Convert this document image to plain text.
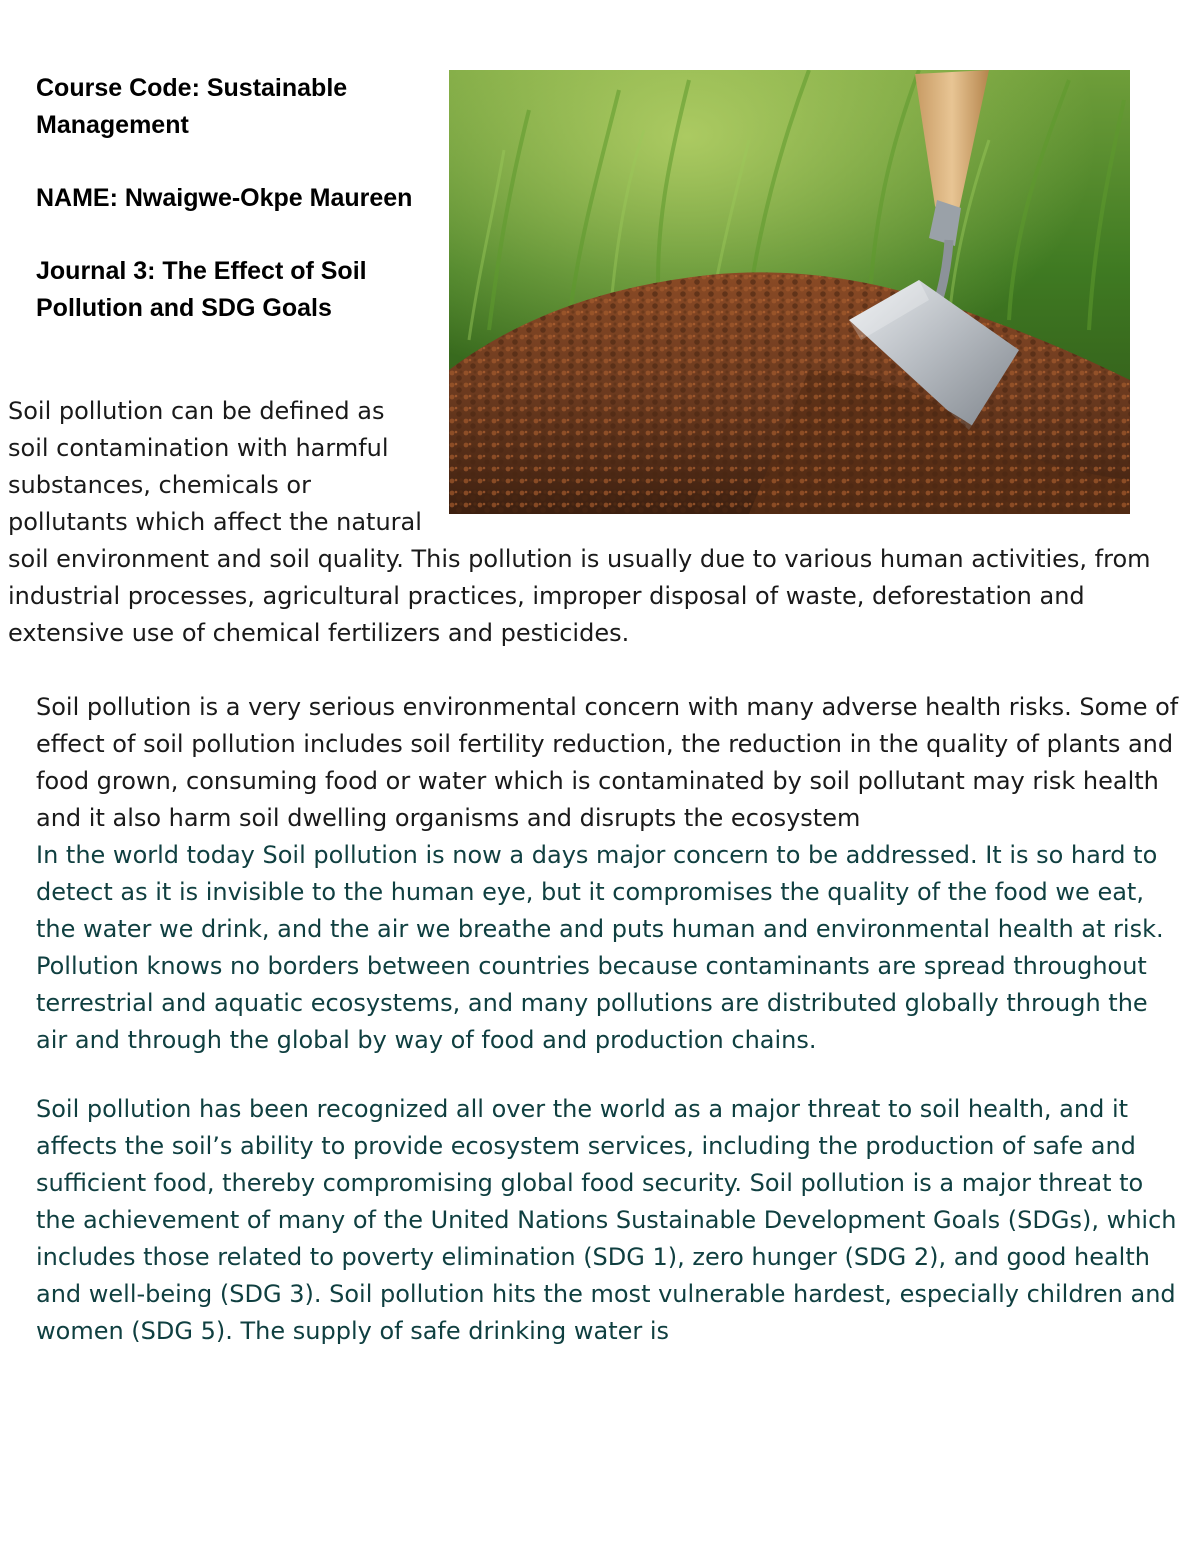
Course Code: Sustainable Management

NAME: Nwaigwe-Okpe Maureen

Journal 3: The Effect of Soil Pollution and SDG Goals

Soil pollution can be defined as soil contamination with harmful substances, chemicals or pollutants which affect the natural soil environment and soil quality. This pollution is usually due to various human activities, from industrial processes, agricultural practices, improper disposal of waste, deforestation and extensive use of chemical fertilizers and pesticides.

Soil pollution is a very serious environmental concern with many adverse health risks. Some of effect of soil pollution includes soil fertility reduction, the reduction in the quality of plants and food grown, consuming food or water which is contaminated by soil pollutant may risk health and it also harm soil dwelling organisms and disrupts the ecosystem

In the world today Soil pollution is now a days major concern to be addressed. It is so hard to detect as it is invisible to the human eye, but it compromises the quality of the food we eat, the water we drink, and the air we breathe and puts human and environmental health at risk. Pollution knows no borders between countries because contaminants are spread throughout terrestrial and aquatic ecosystems, and many pollutions are distributed globally through the air and through the global by way of food and production chains.

Soil pollution has been recognized all over the world as a major threat to soil health, and it affects the soil’s ability to provide ecosystem services, including the production of safe and sufficient food, thereby compromising global food security. Soil pollution is a major threat to the achievement of many of the United Nations Sustainable Development Goals (SDGs), which includes those related to poverty elimination (SDG 1), zero hunger (SDG 2), and good health and well-being (SDG 3). Soil pollution hits the most vulnerable hardest, especially children and women (SDG 5). The supply of safe drinking water is
